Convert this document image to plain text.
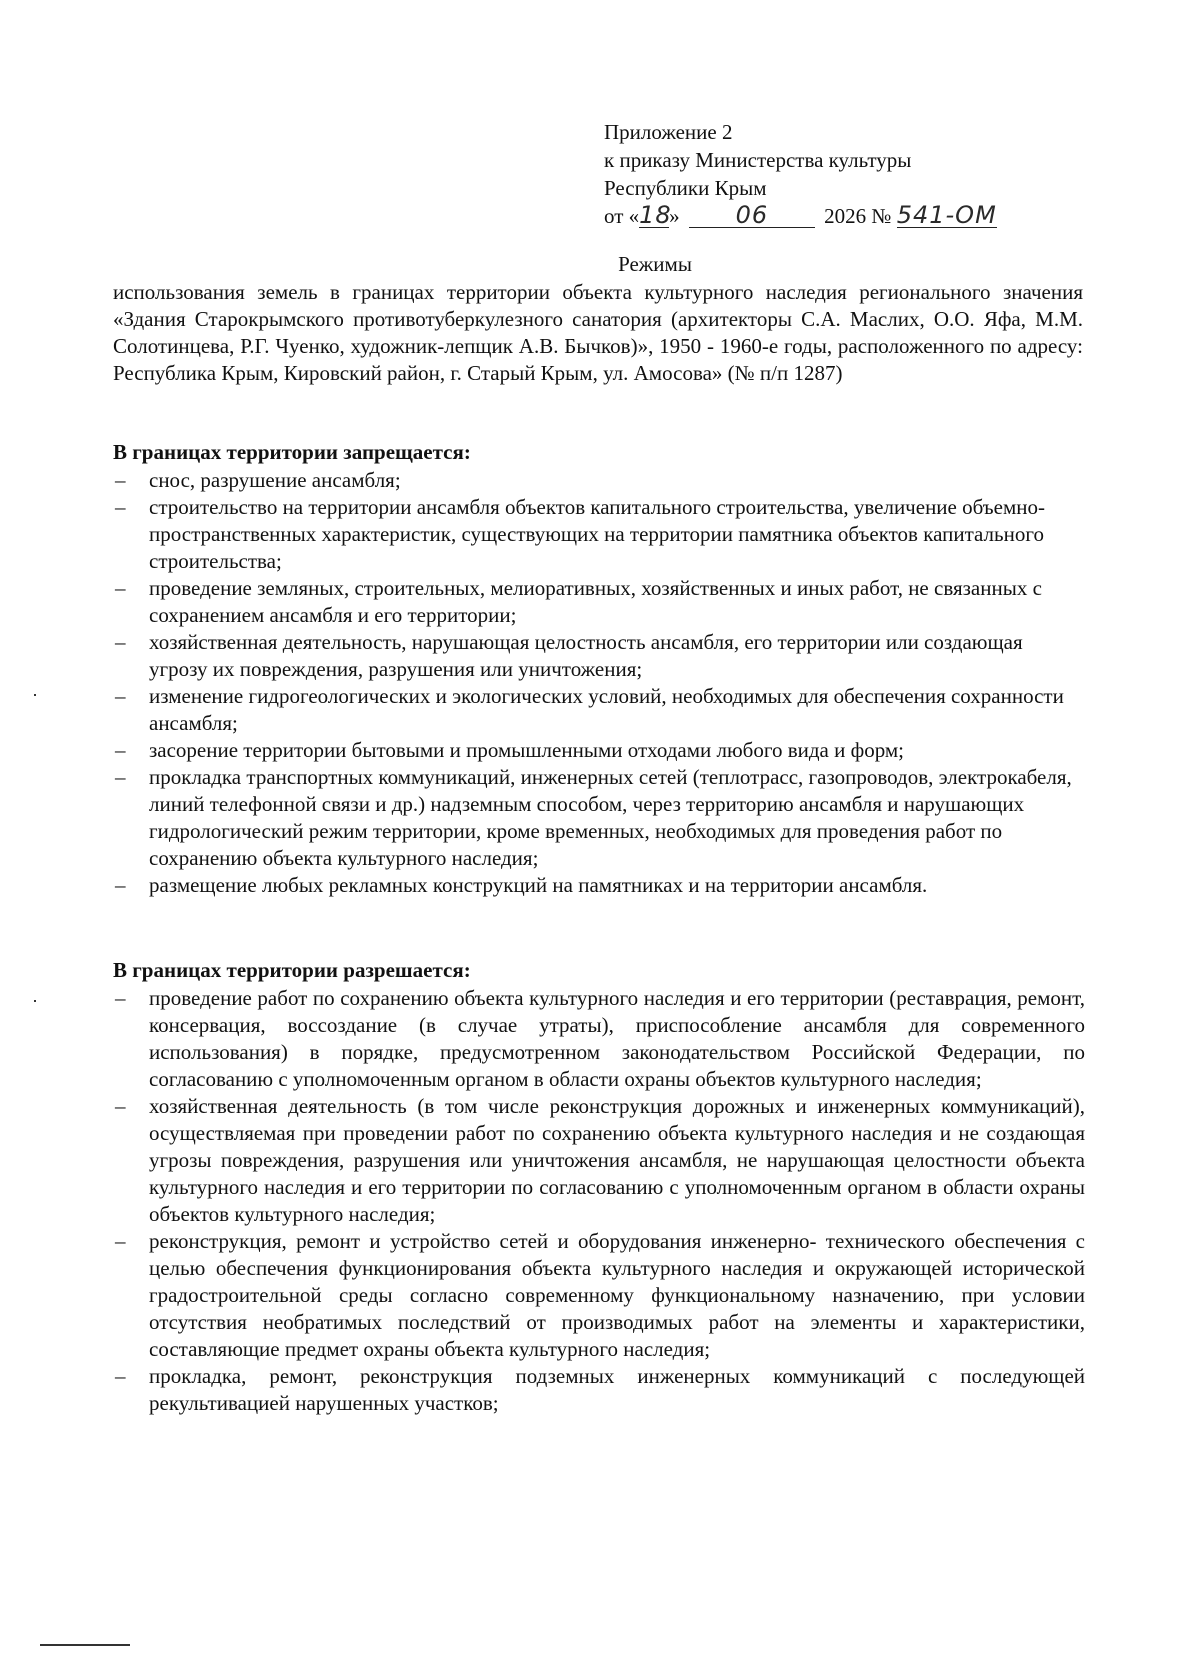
Приложение 2
к приказу Министерства культуры
Республики Крым
от «18» 06	2026 № 541-ОМ
Режимы
использования земель в границах территории объекта культурного наследия регионального значения «Здания Старокрымского противотуберкулезного санатория (архитекторы С.А. Маслих, О.О. Яфа, М.М. Солотинцева, Р.Г. Чуенко, художник-лепщик А.В. Бычков)», 1950 - 1960-е годы, расположенного по адресу: Республика Крым, Кировский район, г. Старый Крым, ул. Амосова» (№ п/п 1287)
В границах территории запрещается:
– снос, разрушение ансамбля;
– строительство на территории ансамбля объектов капитального строительства, увеличение объемно-пространственных характеристик, существующих на территории памятника объектов капитального строительства;
– проведение земляных, строительных, мелиоративных, хозяйственных и иных работ, не связанных с сохранением ансамбля и его территории;
– хозяйственная деятельность, нарушающая целостность ансамбля, его территории или создающая угрозу их повреждения, разрушения или уничтожения;
– изменение гидрогеологических и экологических условий, необходимых для обеспечения сохранности ансамбля;
– засорение территории бытовыми и промышленными отходами любого вида и форм;
– прокладка транспортных коммуникаций, инженерных сетей (теплотрасс, газопроводов, электрокабеля, линий телефонной связи и др.) надземным способом, через территорию ансамбля и нарушающих гидрологический режим территории, кроме временных, необходимых для проведения работ по сохранению объекта культурного наследия;
– размещение любых рекламных конструкций на памятниках и на территории ансамбля.
В границах территории разрешается:
– проведение работ по сохранению объекта культурного наследия и его территории (реставрация, ремонт, консервация, воссоздание (в случае утраты), приспособление ансамбля для современного использования) в порядке, предусмотренном законодательством Российской Федерации, по согласованию с уполномоченным органом в области охраны объектов культурного наследия;
– хозяйственная деятельность (в том числе реконструкция дорожных и инженерных коммуникаций), осуществляемая при проведении работ по сохранению объекта культурного наследия и не создающая угрозы повреждения, разрушения или уничтожения ансамбля, не нарушающая целостности объекта культурного наследия и его территории по согласованию с уполномоченным органом в области охраны объектов культурного наследия;
– реконструкция, ремонт и устройство сетей и оборудования инженерно- технического обеспечения с целью обеспечения функционирования объекта культурного наследия и окружающей исторической градостроительной среды согласно современному функциональному назначению, при условии отсутствия необратимых последствий от производимых работ на элементы и характеристики, составляющие предмет охраны объекта культурного наследия;
– прокладка, ремонт, реконструкция подземных инженерных коммуникаций с последующей рекультивацией нарушенных участков;
